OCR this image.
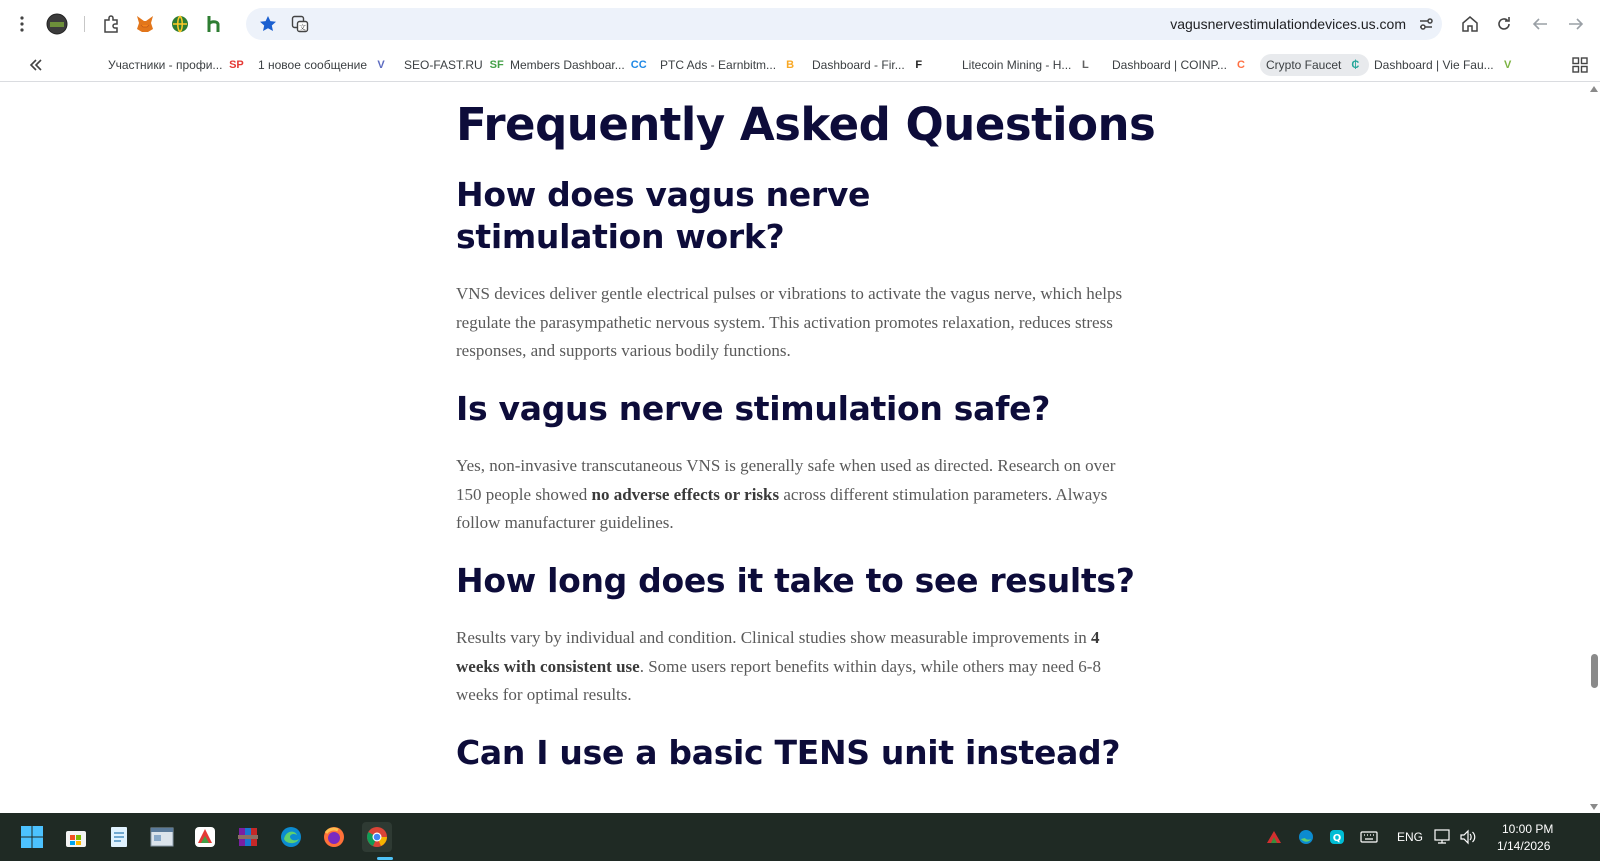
文	vagusnervestimulationdevices.us.com
Участники - профи... SP 1 новое сообщение V	SEO-FAST.RU SF Members Dashboar... CC PTC Ads - Earnbitm... B	Dashboard - Fir... F	Litecoin Mining - H... L	Dashboard | COINP... C	Crypto Faucet ₵	Dashboard | Vie Fau... V
Frequently Asked Questions
How does vagus nerve stimulation work?

VNS devices deliver gentle electrical pulses or vibrations to activate the vagus nerve, which helps regulate the parasympathetic nervous system. This activation promotes relaxation, reduces stress responses, and supports various bodily functions.

Is vagus nerve stimulation safe?

Yes, non-invasive transcutaneous VNS is generally safe when used as directed. Research on over 150 people showed no adverse effects or risks across different stimulation parameters. Always follow manufacturer guidelines.

How long does it take to see results?

Results vary by individual and condition. Clinical studies show measurable improvements in 4 weeks with consistent use. Some users report benefits within days, while others may need 6-8 weeks for optimal results.

Can I use a basic TENS unit instead?
Q	ENG
10:00 PM
1/14/2026
